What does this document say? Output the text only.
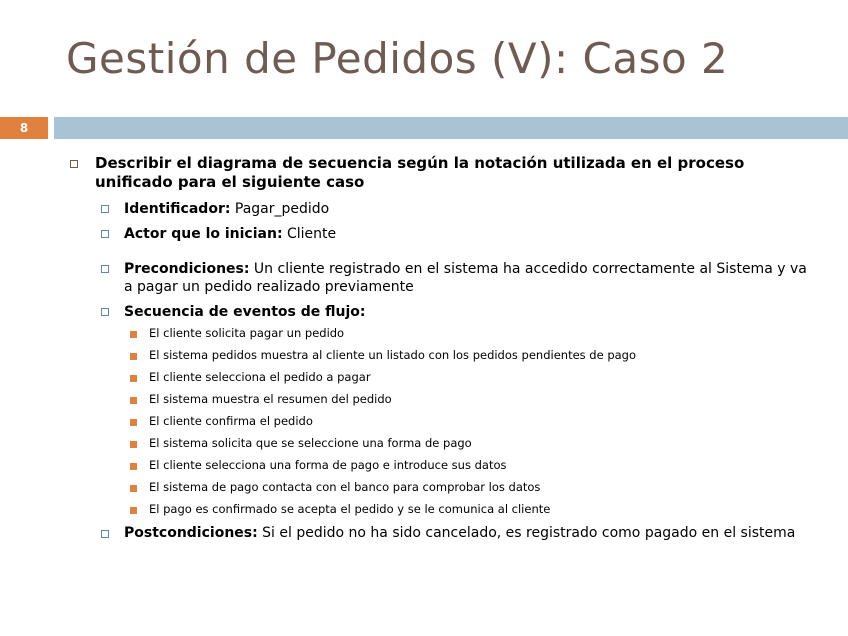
Gestión de Pedidos (V): Caso 2
8
Describir el diagrama de secuencia según la notación utilizada en el proceso unificado para el siguiente caso
Identificador: Pagar_pedido
Actor que lo inician: Cliente
Precondiciones: Un cliente registrado en el sistema ha accedido correctamente al Sistema y va a pagar un pedido realizado previamente
Secuencia de eventos de flujo:
El cliente solicita pagar un pedido
El sistema pedidos muestra al cliente un listado con los pedidos pendientes de pago
El cliente selecciona el pedido a pagar
El sistema muestra el resumen del pedido
El cliente confirma el pedido
El sistema solicita que se seleccione una forma de pago
El cliente selecciona una forma de pago e introduce sus datos
El sistema de pago contacta con el banco para comprobar los datos
El pago es confirmado se acepta el pedido y se le comunica al cliente
Postcondiciones: Si el pedido no ha sido cancelado, es registrado como pagado en el sistema
